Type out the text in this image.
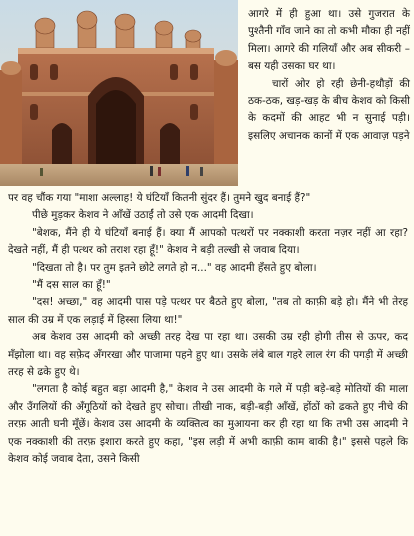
आगरे में ही हुआ था। उसे गुजरात के पुश्तैनी गाँव जाने का तो कभी मौका ही नहीं मिला। आगरे की गलियाँ और अब सीकरी – बस यही उसका घर था।

चारों ओर हो रही छेनी-हथौड़ों की ठक-ठक, खड़-खड़ के बीच केशव को किसी के कदमों की आहट भी न सुनाई पड़ी। इसलिए अचानक कानों में एक आवाज़ पड़ने

पर वह चौंक गया "माशा अल्लाह! ये घंटियाँ कितनी सुंदर हैं। तुमने खुद बनाई हैं?"

पीछे मुड़कर केशव ने आँखें उठाईं तो उसे एक आदमी दिखा।

"बेशक, मैंने ही ये घंटियाँ बनाई हैं। क्या मैं आपको पत्थरों पर नक्काशी करता नज़र नहीं आ रहा? देखते नहीं, मैं ही पत्थर को तराश रहा हूँ!" केशव ने बड़ी तल्खी से जवाब दिया।

"दिखता तो है। पर तुम इतने छोटे लगते हो न..." वह आदमी हँसते हुए बोला।

"मैं दस साल का हूँ!"

"दस! अच्छा," वह आदमी पास पड़े पत्थर पर बैठते हुए बोला, "तब तो काफ़ी बड़े हो। मैंने भी तेरह साल की उम्र में एक लड़ाई में हिस्सा लिया था!"

अब केशव उस आदमी को अच्छी तरह देख पा रहा था। उसकी उम्र रही होगी तीस से ऊपर, कद मँझोला था। वह सफ़ेद अँगरखा और पाजामा पहने हुए था। उसके लंबे बाल गहरे लाल रंग की पगड़ी में अच्छी तरह से ढके हुए थे।

"लगता है कोई बहुत बड़ा आदमी है," केशव ने उस आदमी के गले में पड़ी बड़े-बड़े मोतियों की माला और उँगलियों की अँगूठियों को देखते हुए सोचा। तीखी नाक, बड़ी-बड़ी आँखें, होंठों को ढकते हुए नीचे की तरफ़ आती घनी मूँछें। केशव उस आदमी के व्यक्तित्व का मुआयना कर ही रहा था कि तभी उस आदमी ने एक नक्काशी की तरफ़ इशारा करते हुए कहा, "इस लड़ी में अभी काफ़ी काम बाकी है।" इससे पहले कि केशव कोई जवाब देता, उसने किसी
